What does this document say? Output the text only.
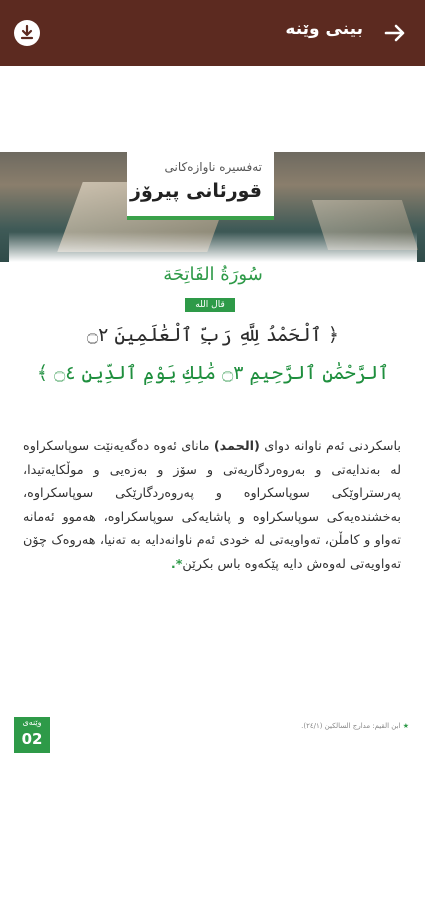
بینی وێنە
تەفسیرە ناوازەکانی
قورئانی پیرۆز
سُورَةُ الفَاتِحَة
قال الله تعالى
﴿ ٱلْحَمْدُ لِلَّهِ رَبِّ ٱلْعَٰلَمِينَ ۝٢
ٱلرَّحْمَٰنِ ٱلرَّحِيمِ ۝٣ مَٰلِكِ يَوْمِ ٱلدِّينِ ۝٤ ﴾
باسکردنی ئەم ناوانە دوای (الحمد) مانای ئەوە دەگەیەنێت سوپاسکراوە لە بەندایەتی و بەروەردگاریەتی و سۆز و بەزەیی و موڵکایەتیدا، پەرستراوێکی سوپاسکراوە و پەروەردگارێکی سوپاسکراوە، بەخشندەیەکی سوپاسکراوە و پاشایەکی سوپاسکراوە، هەموو ئەمانە تەواو و کامڵن، تەواویەتی لە خودی ئەم ناوانەدایە بە تەنیا، هەروەک چۆن تەواویەتی لەوەش دایە پێکەوە باس بکرێن*.
وێنەی
02
★ ابن القيم: مدارج السالكين (٢٤/١).
